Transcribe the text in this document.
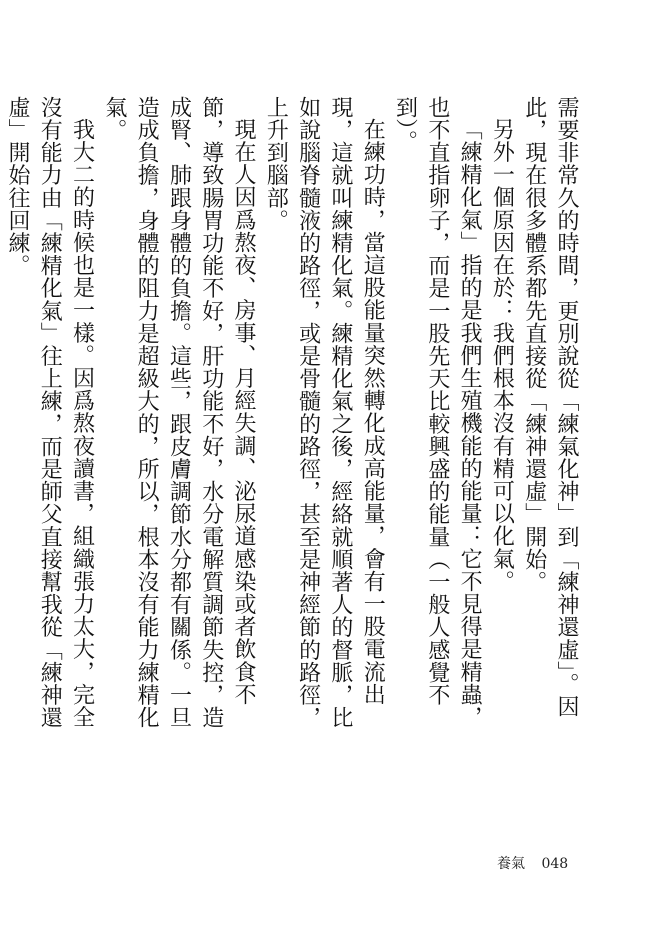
需要非常久的時間，更別說從「練氣化神」到「練神還虛」。因此，現在很多體系都先直接從「練神還虛」開始。

另外一個原因在於：我們根本沒有精可以化氣。

「練精化氣」指的是我們生殖機能的能量：它不見得是精蟲，也不直指卵子，而是一股先天比較興盛的能量（一般人感覺不到）。

在練功時，當這股能量突然轉化成高能量，會有一股電流出現，這就叫練精化氣。練精化氣之後，經絡就順著人的督脈，比如說腦脊髓液的路徑，或是骨髓的路徑，甚至是神經節的路徑，上升到腦部。

現在人因爲熬夜、房事、月經失調、泌尿道感染或者飲食不節，導致腸胃功能不好，肝功能不好，水分電解質調節失控，造成腎、肺跟身體的負擔。這些，跟皮膚調節水分都有關係。一旦造成負擔，身體的阻力是超級大的，所以，根本沒有能力練精化氣。

我大二的時候也是一樣。因爲熬夜讀書，組織張力太大，完全沒有能力由「練精化氣」往上練，而是師父直接幫我從「練神還虛」開始往回練。

養氣 048
